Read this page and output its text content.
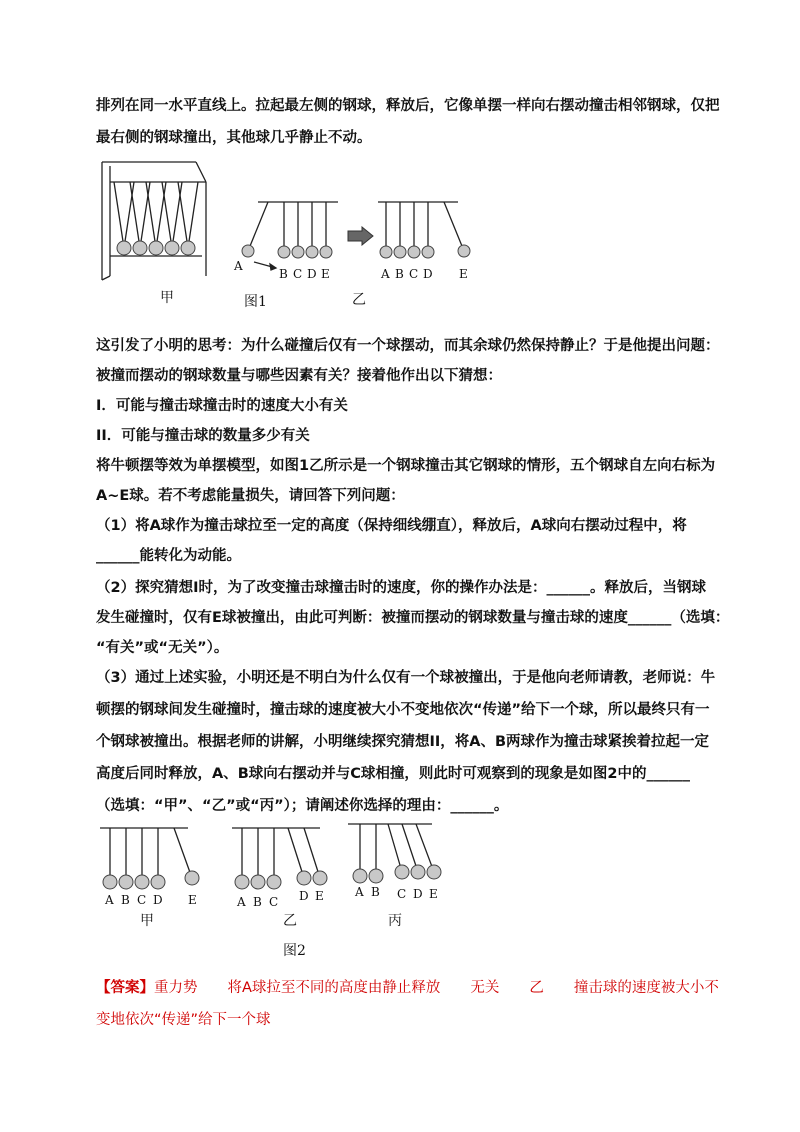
排列在同一水平直线上。拉起最左侧的钢球，释放后，它像单摆一样向右摆动撞击相邻钢球，仅把
最右侧的钢球撞出，其他球几乎静止不动。
甲
A
B C D E
图1
A B C D E
乙
这引发了小明的思考：为什么碰撞后仅有一个球摆动，而其余球仍然保持静止？于是他提出问题：
被撞而摆动的钢球数量与哪些因素有关？接着他作出以下猜想：
I．可能与撞击球撞击时的速度大小有关
II．可能与撞击球的数量多少有关
将牛顿摆等效为单摆模型，如图1乙所示是一个钢球撞击其它钢球的情形，五个钢球自左向右标为
A~E球。若不考虑能量损失，请回答下列问题：
（1）将A球作为撞击球拉至一定的高度（保持细线绷直），释放后，A球向右摆动过程中，将
______能转化为动能。
（2）探究猜想I时，为了改变撞击球撞击时的速度，你的操作办法是：______。释放后，当钢球
发生碰撞时，仅有E球被撞出，由此可判断：被撞而摆动的钢球数量与撞击球的速度______（选填：
“有关”或“无关”）。
（3）通过上述实验，小明还是不明白为什么仅有一个球被撞出，于是他向老师请教，老师说：牛
顿摆的钢球间发生碰撞时，撞击球的速度被大小不变地依次“传递”给下一个球，所以最终只有一
个钢球被撞出。根据老师的讲解，小明继续探究猜想II，将A、B两球作为撞击球紧挨着拉起一定
高度后同时释放，A、B球向右摆动并与C球相撞，则此时可观察到的现象是如图2中的______
（选填：“甲”、“乙”或“丙”）；请阐述你选择的理由：______。
A B C D E
甲
A B C D E
乙
A B C D E
丙
图2
【答案】重力势 将A球拉至不同的高度由静止释放 无关 乙 撞击球的速度被大小不
变地依次“传递”给下一个球
